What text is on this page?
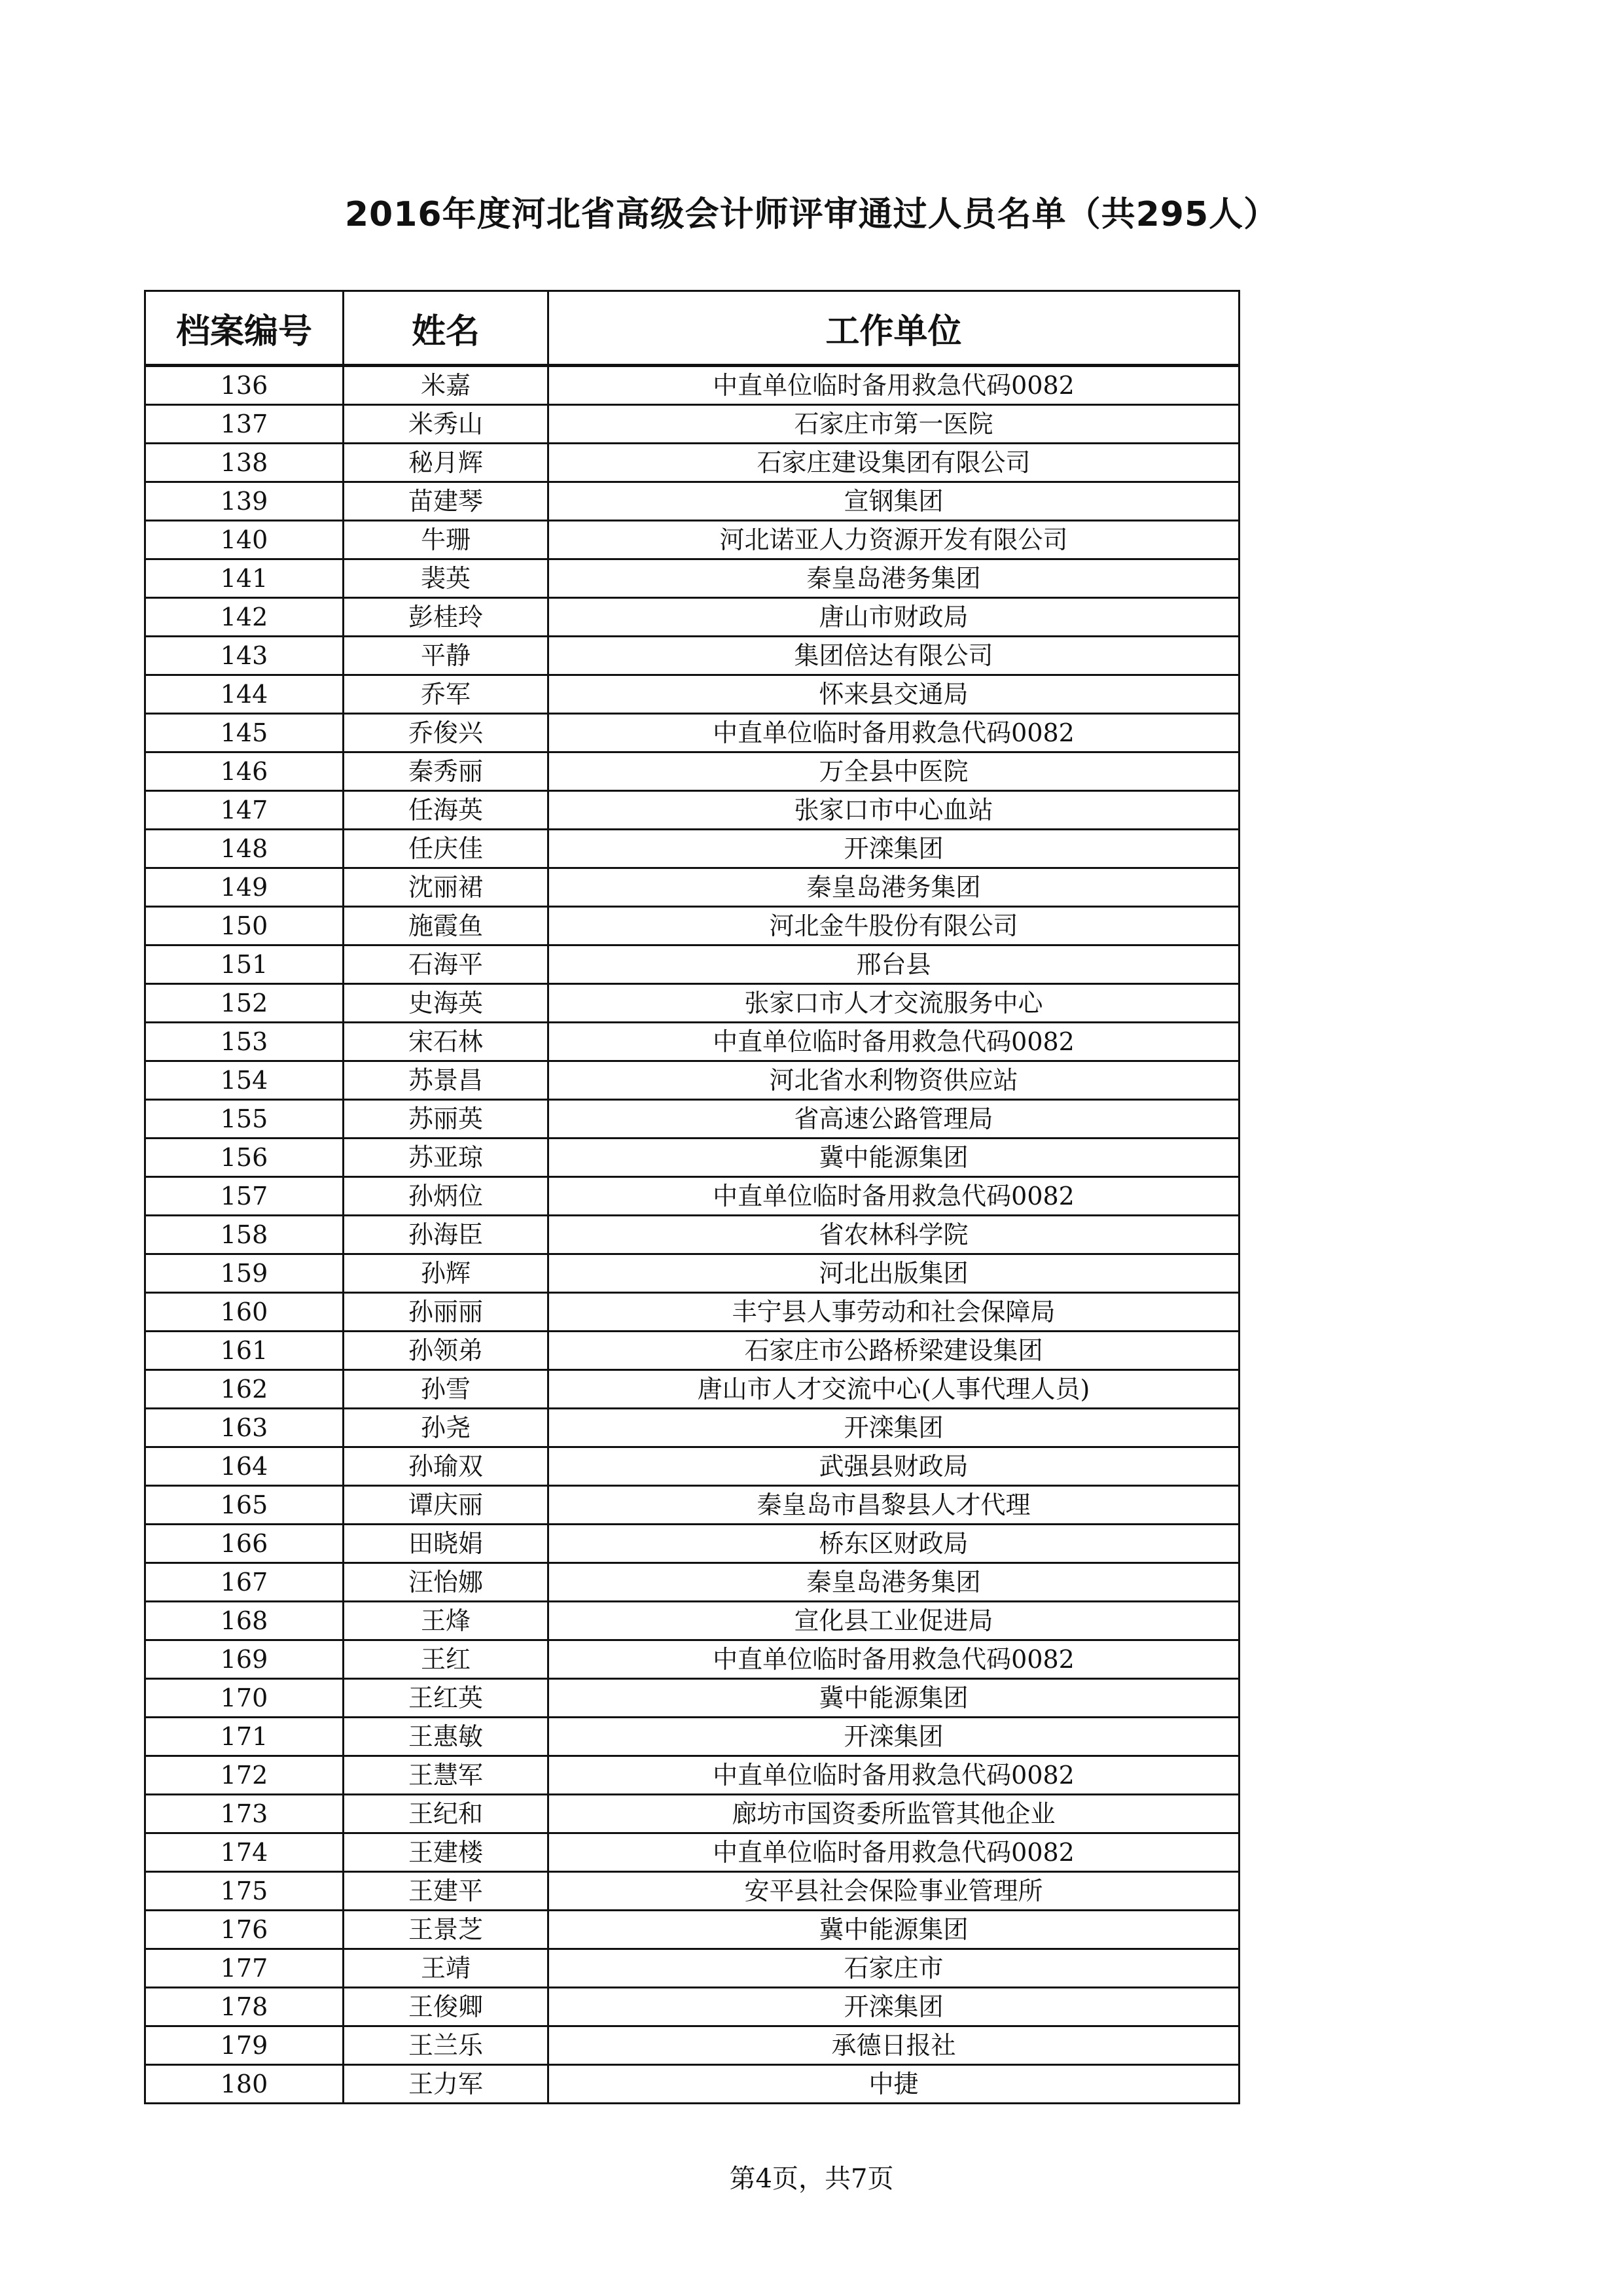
2016年度河北省高级会计师评审通过人员名单（共295人）
档案编号	姓名	工作单位
136	米嘉	中直单位临时备用救急代码0082
137	米秀山	石家庄市第一医院
138	秘月辉	石家庄建设集团有限公司
139	苗建琴	宣钢集团
140	牛珊	河北诺亚人力资源开发有限公司
141	裴英	秦皇岛港务集团
142	彭桂玲	唐山市财政局
143	平静	集团倍达有限公司
144	乔军	怀来县交通局
145	乔俊兴	中直单位临时备用救急代码0082
146	秦秀丽	万全县中医院
147	任海英	张家口市中心血站
148	任庆佳	开滦集团
149	沈丽裙	秦皇岛港务集团
150	施霞鱼	河北金牛股份有限公司
151	石海平	邢台县
152	史海英	张家口市人才交流服务中心
153	宋石林	中直单位临时备用救急代码0082
154	苏景昌	河北省水利物资供应站
155	苏丽英	省高速公路管理局
156	苏亚琼	冀中能源集团
157	孙炳位	中直单位临时备用救急代码0082
158	孙海臣	省农林科学院
159	孙辉	河北出版集团
160	孙丽丽	丰宁县人事劳动和社会保障局
161	孙领弟	石家庄市公路桥梁建设集团
162	孙雪	唐山市人才交流中心(人事代理人员)
163	孙尧	开滦集团
164	孙瑜双	武强县财政局
165	谭庆丽	秦皇岛市昌黎县人才代理
166	田晓娟	桥东区财政局
167	汪怡娜	秦皇岛港务集团
168	王烽	宣化县工业促进局
169	王红	中直单位临时备用救急代码0082
170	王红英	冀中能源集团
171	王惠敏	开滦集团
172	王慧军	中直单位临时备用救急代码0082
173	王纪和	廊坊市国资委所监管其他企业
174	王建楼	中直单位临时备用救急代码0082
175	王建平	安平县社会保险事业管理所
176	王景芝	冀中能源集团
177	王靖	石家庄市
178	王俊卿	开滦集团
179	王兰乐	承德日报社
180	王力军	中捷
第4页，共7页
